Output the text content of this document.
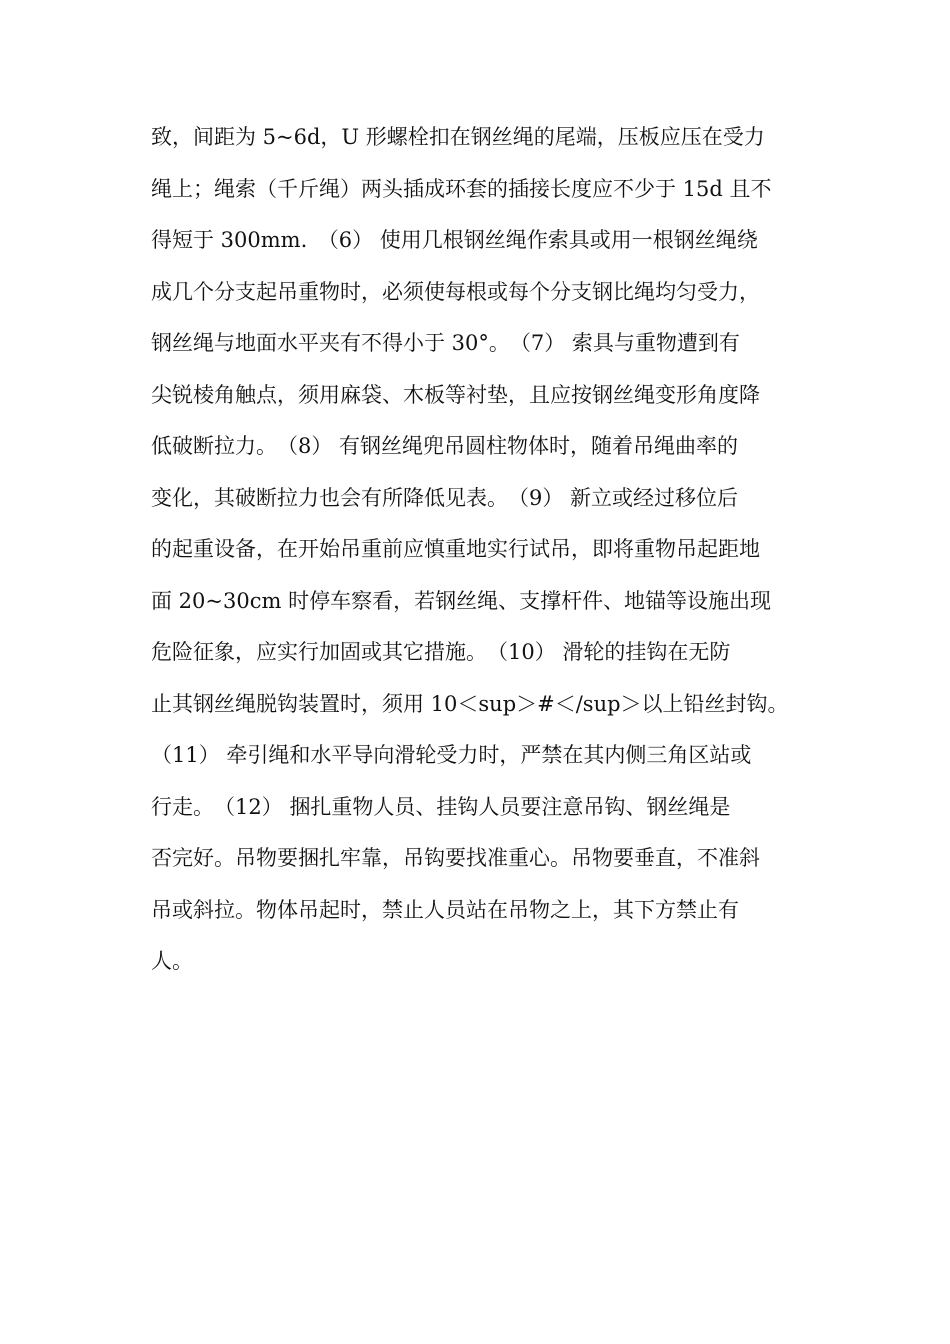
致，间距为 5~6d，U 形螺栓扣在钢丝绳的尾端，压板应压在受力
绳上；绳索（千斤绳）两头插成环套的插接长度应不少于 15d 且不
得短于 300mm.　（6） 使用几根钢丝绳作索具或用一根钢丝绳绕
成几个分支起吊重物时，必须使每根或每个分支钢比绳均匀受力，
钢丝绳与地面水平夹有不得小于 30°。　（7） 索具与重物遭到有
尖锐棱角触点，须用麻袋、木板等衬垫，且应按钢丝绳变形角度降
低破断拉力。　（8） 有钢丝绳兜吊圆柱物体时，随着吊绳曲率的
变化，其破断拉力也会有所降低见表。　（9） 新立或经过移位后
的起重设备，在开始吊重前应慎重地实行试吊，即将重物吊起距地
面 20~30cm 时停车察看，若钢丝绳、支撑杆件、地锚等设施出现
危险征象，应实行加固或其它措施。　（10） 滑轮的挂钩在无防
止其钢丝绳脱钩装置时，须用 10＜sup＞#＜/sup＞以上铅丝封钩。
（11） 牵引绳和水平导向滑轮受力时，严禁在其内侧三角区站或
行走。　（12） 捆扎重物人员、挂钩人员要注意吊钩、钢丝绳是
否完好。吊物要捆扎牢靠，吊钩要找准重心。吊物要垂直，不准斜
吊或斜拉。物体吊起时，禁止人员站在吊物之上，其下方禁止有
人。
